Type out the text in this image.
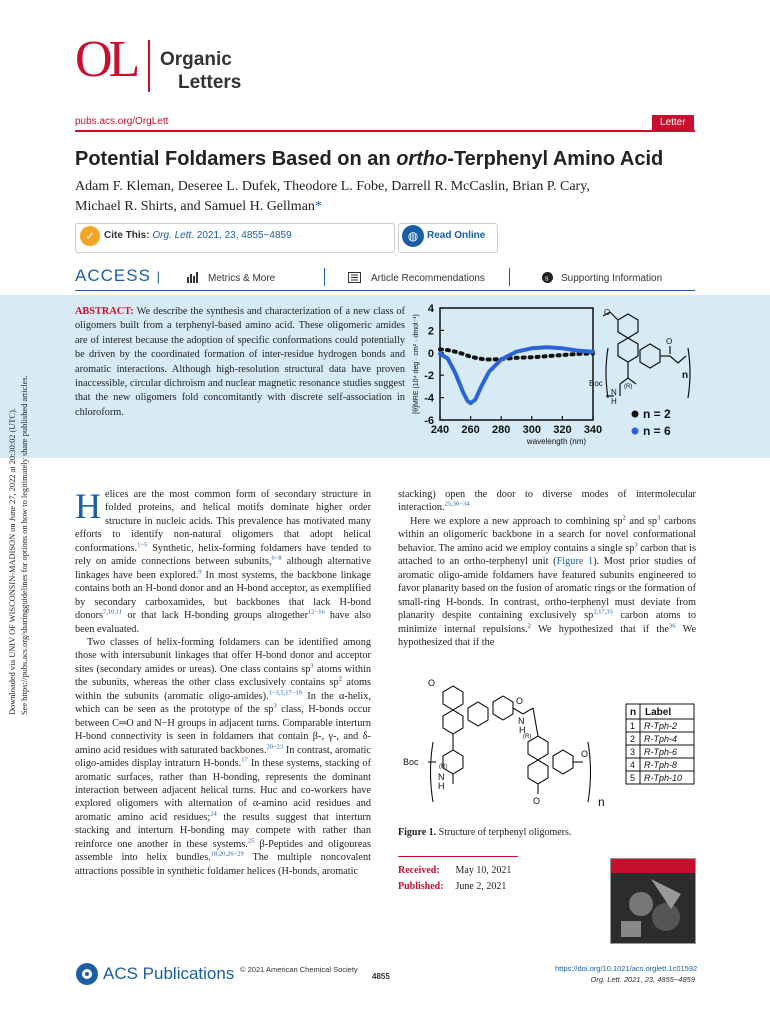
OL Organic
Letters
pubs.acs.org/OrgLett	Letter
Potential Foldamers Based on an ortho-Terphenyl Amino Acid
Adam F. Kleman, Deseree L. Dufek, Theodore L. Fobe, Darrell R. McCaslin, Brian P. Cary,
Michael R. Shirts, and Samuel H. Gellman*
✓ Cite This: Org. Lett. 2021, 23, 4855−4859	◍ Read Online
ACCESS |	Metrics & More	Article Recommendations	s Supporting Information
ABSTRACT: We describe the synthesis and characterization of a new class of oligomers built from a terphenyl-based amino acid. These oligomeric amides are of interest because the adoption of specific conformations could potentially be driven by the coordinated formation of inter-residue hydrogen bonds and aromatic interactions. Although high-resolution structural data have proven inaccessible, circular dichroism and nuclear magnetic resonance studies suggest that the new oligomers fold concomitantly with discrete self-association in chloroform.
240 260 280 300 320 340
4
2
0
-2
-4
-6
wavelength (nm)
[θ]MRE (10⁴ deg · cm² · dmol⁻¹)
O
O
Boc	(R)
N
H
n
n = 2
n = 6
Downloaded via UNIV OF WISCONSIN-MADISON on June 27, 2022 at 20:30:02 (UTC). See https://pubs.acs.org/sharingguidelines for options on how to legitimately share published articles. Helices are the most common form of secondary structure in folded proteins, and helical motifs dominate higher order structure in nucleic acids. This prevalence has motivated many efforts to identify non-natural oligomers that adopt helical conformations.$^{1-5}$ Synthetic, helix-forming foldamers have tended to rely on amide connections between subunits,$^{6-8}$ although alternative linkages have been explored.$^9$ In most systems, the backbone linkage contains both an H-bond donor and an H-bond acceptor, as exemplified by secondary carboxamides, but backbones that lack H-bond donors$^{7,10,11}$ or that lack H-bonding groups altogether$^{12-16}$ have also been evaluated.

Two classes of helix-forming foldamers can be identified among those with intersubunit linkages that offer H-bond donor and acceptor sites (secondary amides or ureas). One class contains $sp^3$ atoms within the subunits, whereas the other class exclusively contains $sp^2$ atoms within the subunits (aromatic oligo-amides).$^{1-3,5,17-19}$ In the α-helix, which can be seen as the prototype of the $sp^3$ class, H-bonds occur between C═O and N−H groups in adjacent turns. Comparable interturn H-bond connectivity is seen in foldamers that contain β-, γ-, and δ-amino acid residues with saturated backbones.$^{20-23}$ In contrast, aromatic oligo-amides display intraturn H-bonds.$^{17}$ In these systems, stacking of aromatic surfaces, rather than H-bonding, represents the dominant interaction between adjacent helical turns. Huc and co-workers have explored oligomers with alternation of α-amino acid residues and aromatic amino acid residues;$^{24}$ the results suggest that interturn stacking and interturn H-bonding may compete with rather than reinforce one another in these systems.$^{25}$ β-Peptides and oligoureas assemble into helix bundles.$^{18,20,26-29}$ The multiple noncovalent attractions possible in synthetic foldamer helices (H-bonds, aromatic

stacking) open the door to diverse modes of intermolecular interaction.$^{25,30-34}$

Here we explore a new approach to combining $sp^2$ and $sp^3$ carbons within an oligomeric backbone in a search for novel conformational behavior. The amino acid we employ contains a single $sp^3$ carbon that is attached to an ortho-terphenyl unit (Figure 1). Most prior studies of aromatic oligo-amide foldamers have featured subunits engineered to favor planarity based on the fusion of aromatic rings or the formation of small-ring H-bonds. In contrast, ortho-terphenyl must deviate from planarity despite containing exclusively sp$^{2,17,35}$ carbon atoms to minimize internal repulsions.$^2$ We hypothesized that if the$^{36}$ We hypothesized that if the

O
O
N
H
Boc	(R)
N
H
(R)
O
O	n
n Label
1 R-Tph-2
2 R-Tph-4
3 R-Tph-6
4 R-Tph-8
5 R-Tph-10
Figure 1. Structure of terphenyl oligomers.
Received: May 10, 2021
Published: June 2, 2021
ACS Publications © 2021 American Chemical Society
4855
https://doi.org/10.1021/acs.orglett.1c01592
Org. Lett. 2021, 23, 4855−4859
